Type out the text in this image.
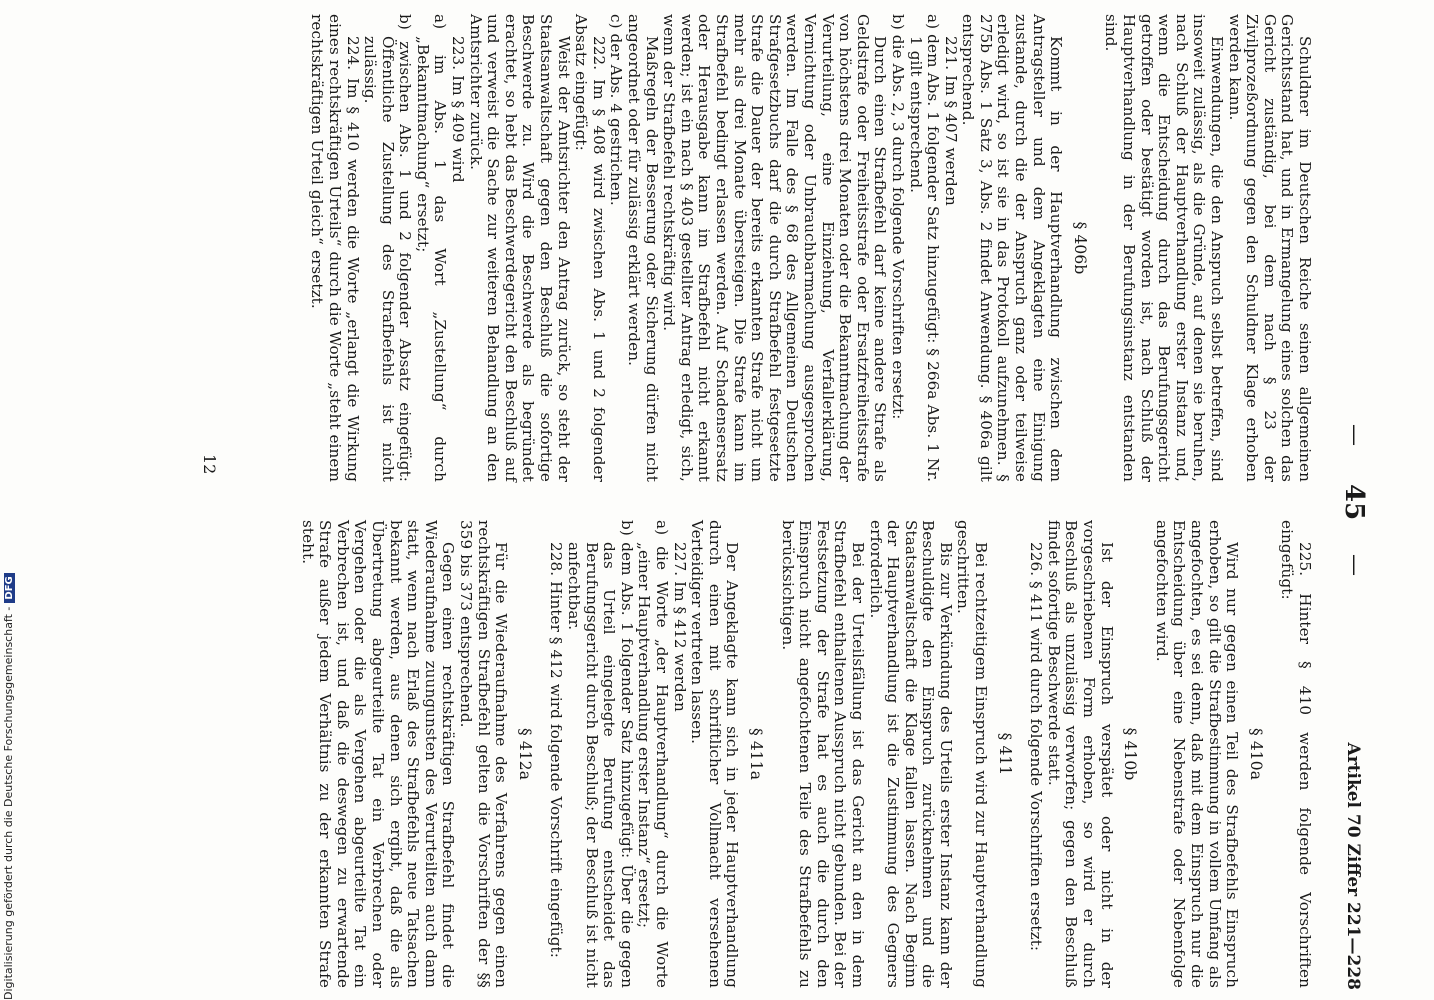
—
45
—
Artikel 70 Ziffer 221—228

Schuldner im Deutschen Reiche seinen allgemeinen Gerichtsstand hat, und in Ermangelung eines solchen das Gericht zuständig, bei dem nach § 23 der Zivilprozeßordnung gegen den Schuldner Klage erhoben werden kann.

Einwendungen, die den Anspruch selbst betreffen, sind insoweit zulässig, als die Gründe, auf denen sie beruhen, nach Schluß der Hauptverhandlung erster Instanz und, wenn die Entscheidung durch das Berufungsgericht getroffen oder bestätigt worden ist, nach Schluß der Hauptverhandlung in der Berufungsinstanz entstanden sind.

§ 406b

Kommt in der Hauptverhandlung zwischen dem Antragsteller und dem Angeklagten eine Einigung zustande, durch die der Anspruch ganz oder teilweise erledigt wird, so ist sie in das Protokoll aufzunehmen. § 275b Abs. 1 Satz 3, Abs. 2 findet Anwendung. § 406a gilt entsprechend.

221. Im § 407 werden

a) dem Abs. 1 folgender Satz hinzugefügt: § 266a Abs. 1 Nr. 1 gilt entsprechend.

b) die Abs. 2, 3 durch folgende Vorschriften ersetzt:

Durch einen Strafbefehl darf keine andere Strafe als Geldstrafe oder Freiheitsstrafe oder Ersatzfreiheitsstrafe von höchstens drei Monaten oder die Bekanntmachung der Verurteilung, eine Einziehung, Verfallerklärung, Vernichtung oder Unbrauchbarmachung ausgesprochen werden. Im Falle des § 68 des Allgemeinen Deutschen Strafgesetzbuchs darf die durch Strafbefehl festgesetzte Strafe die Dauer der bereits erkannten Strafe nicht um mehr als drei Monate übersteigen. Die Strafe kann im Strafbefehl bedingt erlassen werden. Auf Schadensersatz oder Herausgabe kann im Strafbefehl nicht erkannt werden; ist ein nach § 403 gestellter Antrag erledigt, sich, wenn der Strafbefehl rechtskräftig wird.

Maßregeln der Besserung oder Sicherung dürfen nicht angeordnet oder für zulässig erklärt werden.

c) der Abs. 4 gestrichen.

222. Im § 408 wird zwischen Abs. 1 und 2 folgender Absatz eingefügt:

Weist der Amtsrichter den Antrag zurück, so steht der Staatsanwaltschaft gegen den Beschluß die sofortige Beschwerde zu. Wird die Beschwerde als begründet erachtet, so hebt das Beschwerdegericht den Beschluß auf und verweist die Sache zur weiteren Behandlung an den Amtsrichter zurück.

223. Im § 409 wird

a) im Abs. 1 das Wort „Zustellung“ durch „Bekanntmachung“ ersetzt;

b) zwischen Abs. 1 und 2 folgender Absatz eingefügt: Öffentliche Zustellung des Strafbefehls ist nicht zulässig.

224. Im § 410 werden die Worte „erlangt die Wirkung eines rechtskräftigen Urteils“ durch die Worte „steht einem rechtskräftigen Urteil gleich“ ersetzt.

225. Hinter § 410 werden folgende Vorschriften eingefügt:

§ 410a

Wird nur gegen einen Teil des Strafbefehls Einspruch erhoben, so gilt die Strafbestimmung in vollem Umfang als angefochten, es sei denn, daß mit dem Einspruch nur die Entscheidung über eine Nebenstrafe oder Nebenfolge angefochten wird.

§ 410b

Ist der Einspruch verspätet oder nicht in der vorgeschriebenen Form erhoben, so wird er durch Beschluß als unzulässig verworfen; gegen den Beschluß findet sofortige Beschwerde statt.

226. § 411 wird durch folgende Vorschriften ersetzt:

§ 411

Bei rechtzeitigem Einspruch wird zur Hauptverhandlung geschritten.

Bis zur Verkündung des Urteils erster Instanz kann der Beschuldigte den Einspruch zurücknehmen und die Staatsanwaltschaft die Klage fallen lassen. Nach Beginn der Hauptverhandlung ist die Zustimmung des Gegners erforderlich.

Bei der Urteilsfällung ist das Gericht an den in dem Strafbefehl enthaltenen Ausspruch nicht gebunden. Bei der Festsetzung der Strafe hat es auch die durch den Einspruch nicht angefochtenen Teile des Strafbefehls zu berücksichtigen.

§ 411a

Der Angeklagte kann sich in jeder Hauptverhandlung durch einen mit schriftlicher Vollmacht versehenen Verteidiger vertreten lassen.

227. Im § 412 werden

a) die Worte „der Hauptverhandlung“ durch die Worte „einer Hauptverhandlung erster Instanz“ ersetzt;

b) dem Abs. 1 folgender Satz hinzugefügt: Über die gegen das Urteil eingelegte Berufung entscheidet das Berufungsgericht durch Beschluß; der Beschluß ist nicht anfechtbar.

228. Hinter § 412 wird folgende Vorschrift eingefügt:

§ 412a

Für die Wiederaufnahme des Verfahrens gegen einen rechtskräftigen Strafbefehl gelten die Vorschriften der §§ 359 bis 373 entsprechend.

Gegen einen rechtskräftigen Strafbefehl findet die Wiederaufnahme zuungunsten des Verurteilten auch dann statt, wenn nach Erlaß des Strafbefehls neue Tatsachen bekannt werden, aus denen sich ergibt, daß die als Übertretung abgeurteilte Tat ein Verbrechen oder Vergehen oder die als Vergehen abgeurteilte Tat ein Verbrechen ist, und daß die deswegen zu erwartende Strafe außer jedem Verhältnis zu der erkannten Strafe steht.

12
Digitalisierung gefördert durch die Deutsche Forschungsgemeinschaft -DFG
